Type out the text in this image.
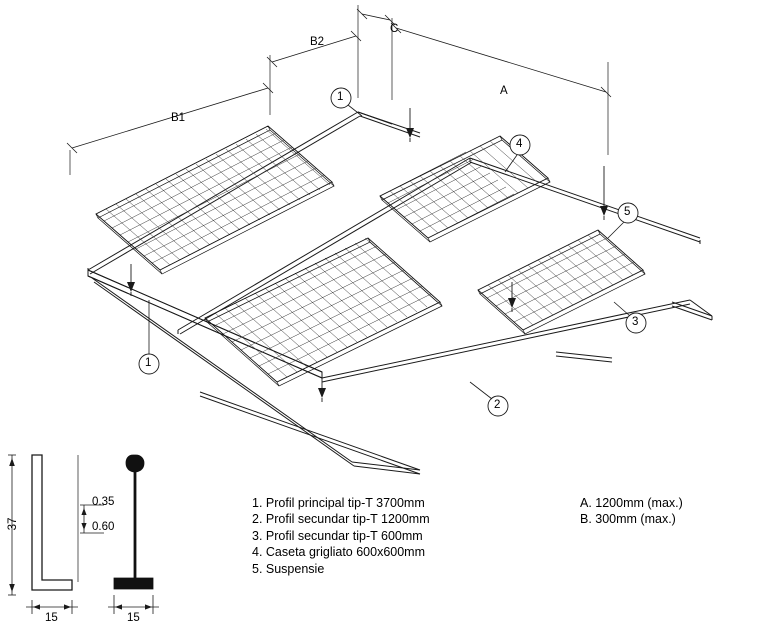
B1
B2
C
A
1
4
5
3
2
1
37
0.35
0.60
15	15
1. Profil principal tip-T 3700mm
2. Profil secundar tip-T 1200mm
3. Profil secundar tip-T 600mm
4. Caseta grigliato 600x600mm
5. Suspensie
A. 1200mm (max.)
B. 300mm (max.)
